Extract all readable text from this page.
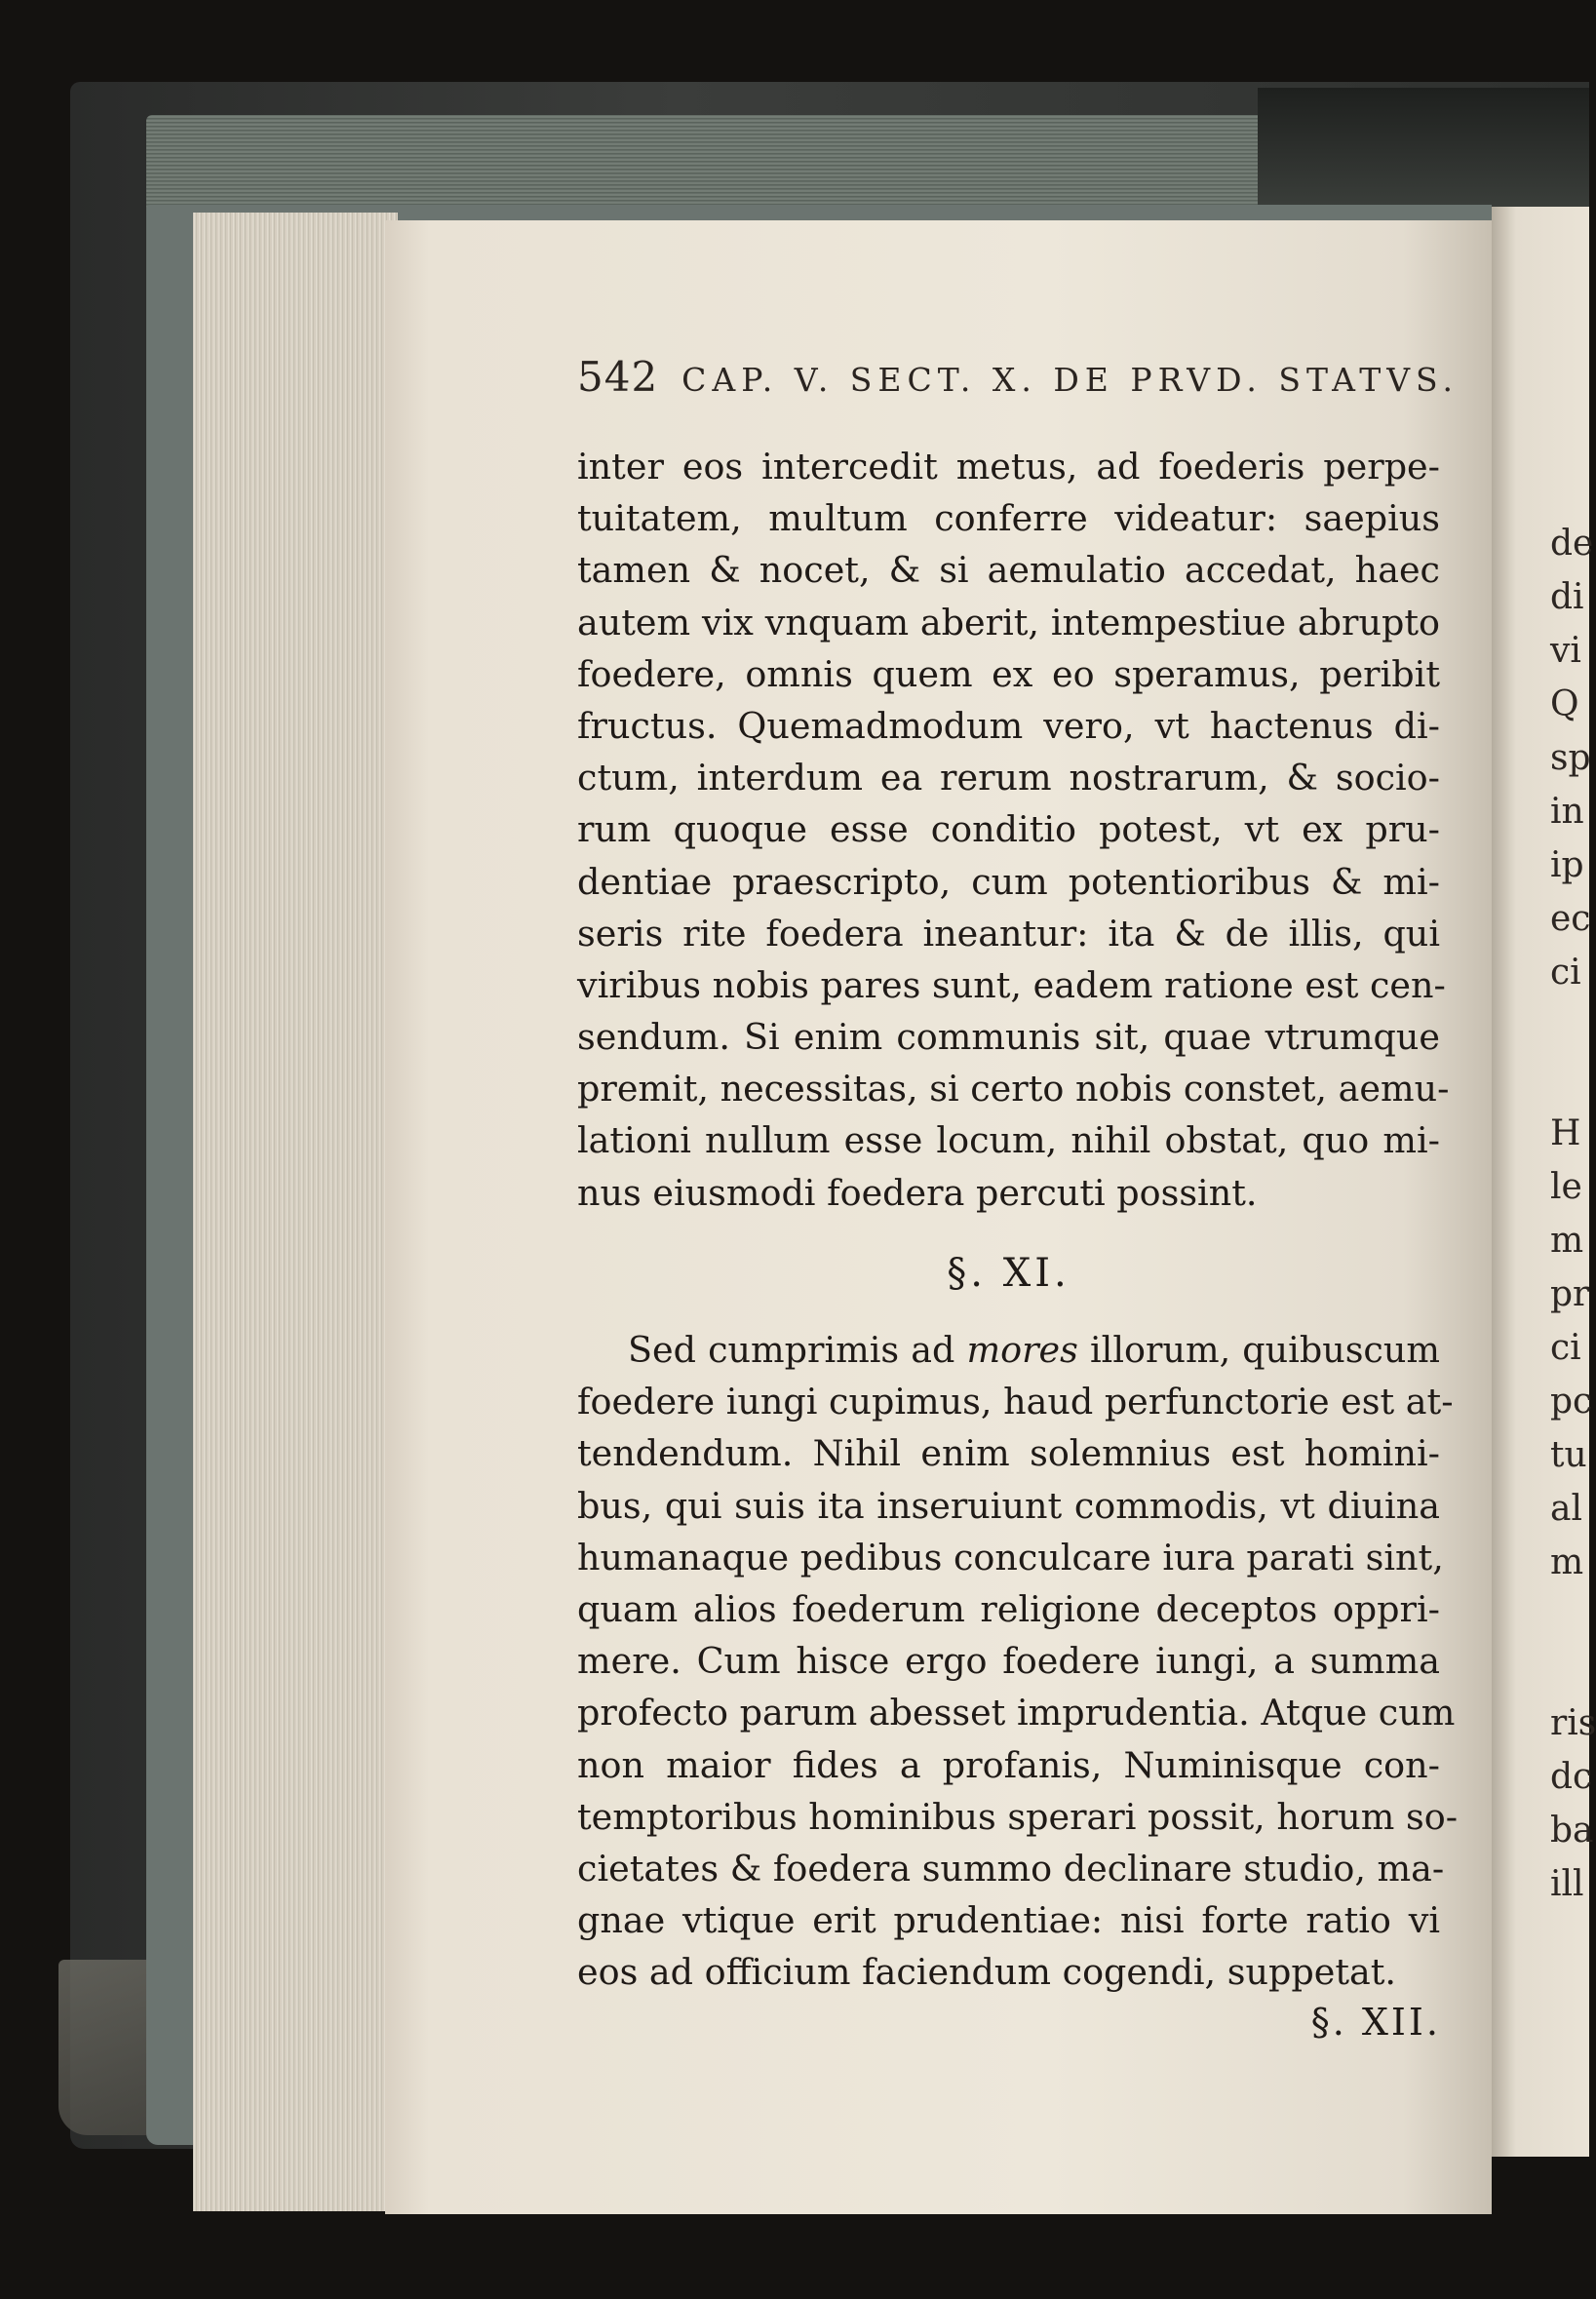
de
di
vi
Q
sp
in
ip
ec
ci
H
le
m
pr
ci
pc
tu
al
m
ris
dc
ba
ill
542 CAP. V. SECT. X. DE PRVD. STATVS.
inter eos intercedit metus, ad foederis perpe-
tuitatem, multum conferre videatur: saepius
tamen & nocet, & si aemulatio accedat, haec
autem vix vnquam aberit, intempestiue abrupto
foedere, omnis quem ex eo speramus, peribit
fructus. Quemadmodum vero, vt hactenus di-
ctum, interdum ea rerum nostrarum, & socio-
rum quoque esse conditio potest, vt ex pru-
dentiae praescripto, cum potentioribus & mi-
seris rite foedera ineantur: ita & de illis, qui
viribus nobis pares sunt, eadem ratione est cen-
sendum. Si enim communis sit, quae vtrumque
premit, necessitas, si certo nobis constet, aemu-
lationi nullum esse locum, nihil obstat, quo mi-
nus eiusmodi foedera percuti possint.
§. XI.
Sed cumprimis ad mores illorum, quibuscum
foedere iungi cupimus, haud perfunctorie est at-
tendendum. Nihil enim solemnius est homini-
bus, qui suis ita inseruiunt commodis, vt diuina
humanaque pedibus conculcare iura parati sint,
quam alios foederum religione deceptos oppri-
mere. Cum hisce ergo foedere iungi, a summa
profecto parum abesset imprudentia. Atque cum
non maior fides a profanis, Numinisque con-
temptoribus hominibus sperari possit, horum so-
cietates & foedera summo declinare studio, ma-
gnae vtique erit prudentiae: nisi forte ratio vi
eos ad officium faciendum cogendi, suppetat.
§. XII.
